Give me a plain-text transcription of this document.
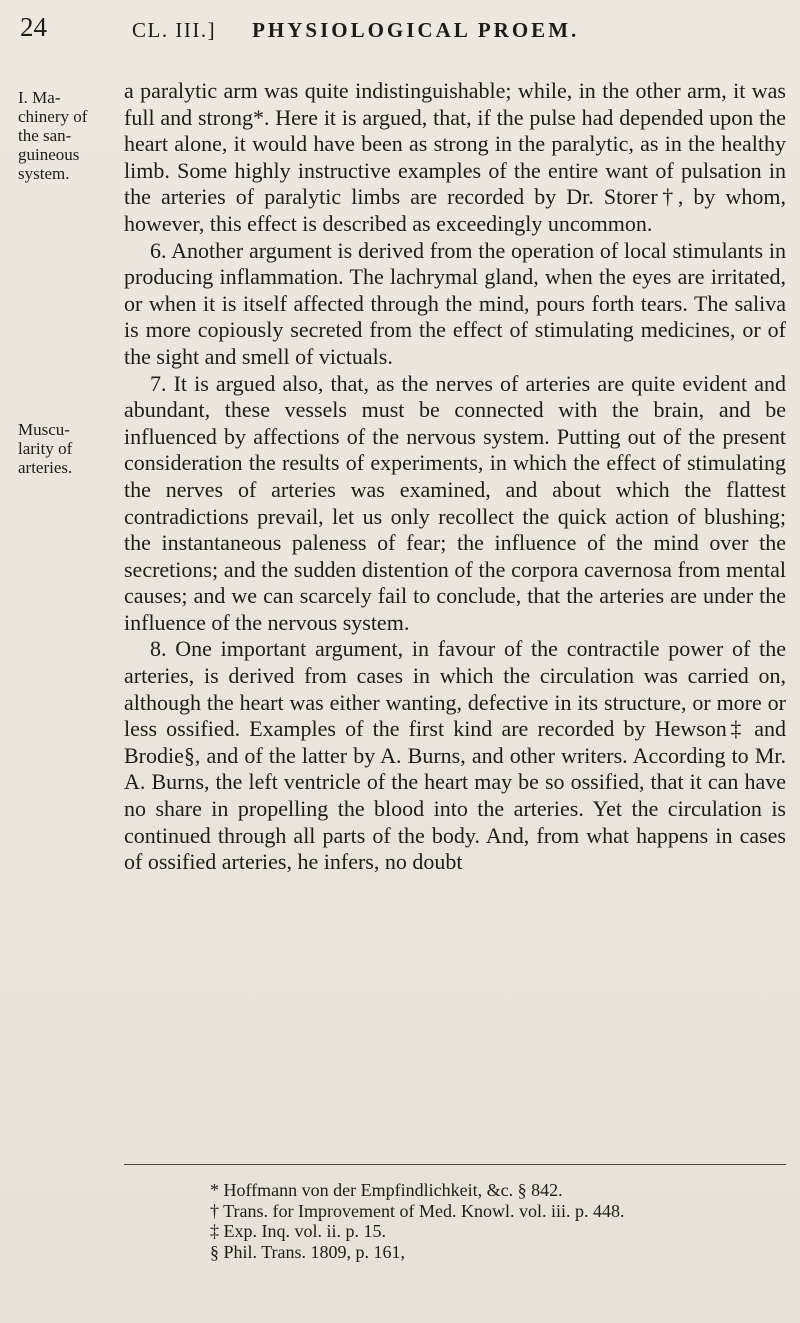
24	CL. III.] PHYSIOLOGICAL PROEM.
I. Ma-
chinery of
the san-
guineous
system.
Muscu-
larity of
arteries.

a paralytic arm was quite indistinguishable; while, in the other arm, it was full and strong*. Here it is argued, that, if the pulse had depended upon the heart alone, it would have been as strong in the paralytic, as in the healthy limb. Some highly instructive examples of the entire want of pulsation in the arteries of paralytic limbs are recorded by Dr. Storer†, by whom, however, this effect is described as exceedingly uncommon.

6. Another argument is derived from the operation of local stimulants in producing inflammation. The lachrymal gland, when the eyes are irritated, or when it is itself affected through the mind, pours forth tears. The saliva is more copiously secreted from the effect of stimulating medicines, or of the sight and smell of victuals.

7. It is argued also, that, as the nerves of arteries are quite evident and abundant, these vessels must be connected with the brain, and be influenced by affections of the nervous system. Putting out of the present consideration the results of experiments, in which the effect of stimulating the nerves of arteries was examined, and about which the flattest contradictions prevail, let us only recollect the quick action of blushing; the instantaneous paleness of fear; the influence of the mind over the secretions; and the sudden distention of the corpora cavernosa from mental causes; and we can scarcely fail to conclude, that the arteries are under the influence of the nervous system.

8. One important argument, in favour of the contractile power of the arteries, is derived from cases in which the circulation was carried on, although the heart was either wanting, defective in its structure, or more or less ossified. Examples of the first kind are recorded by Hewson‡ and Brodie§, and of the latter by A. Burns, and other writers. According to Mr. A. Burns, the left ventricle of the heart may be so ossified, that it can have no share in propelling the blood into the arteries. Yet the circulation is continued through all parts of the body. And, from what happens in cases of ossified arteries, he infers, no doubt

* Hoffmann von der Empfindlichkeit, &c. § 842.
† Trans. for Improvement of Med. Knowl. vol. iii. p. 448.
‡ Exp. Inq. vol. ii. p. 15.
§ Phil. Trans. 1809, p. 161,
